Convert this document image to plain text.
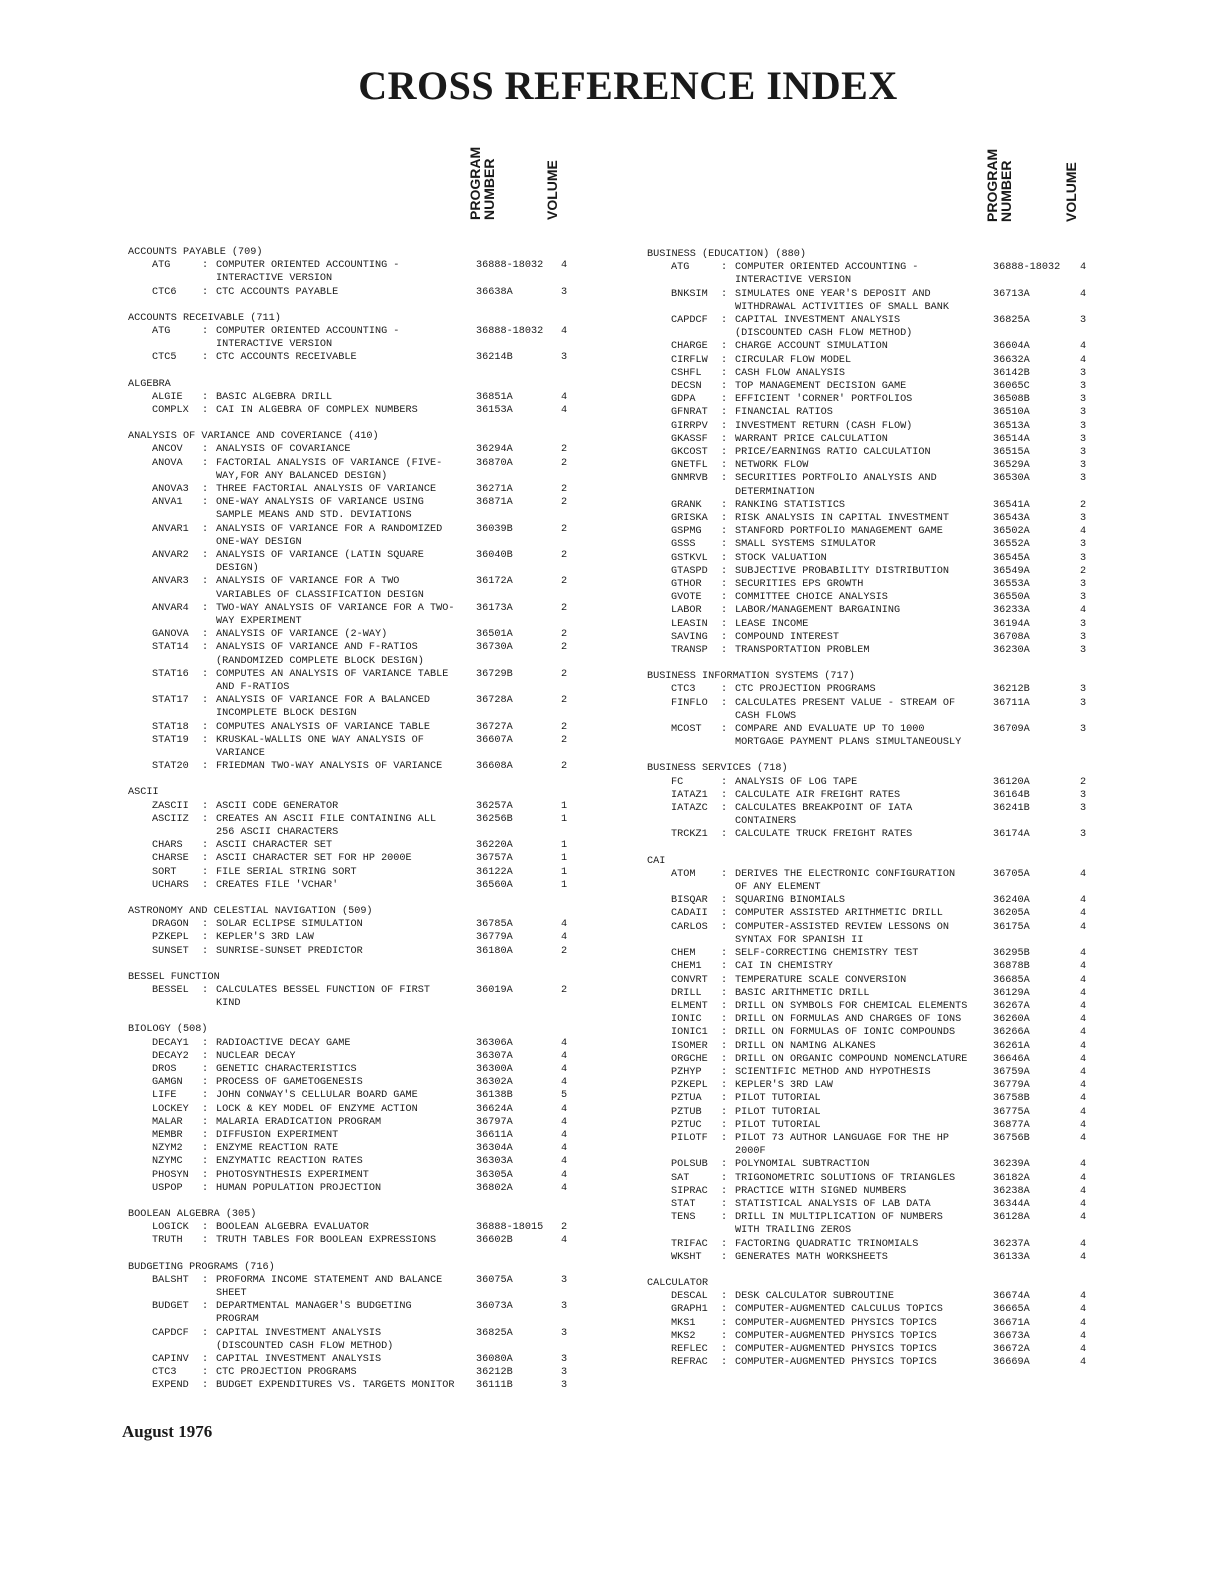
CROSS REFERENCE INDEX
PROGRAM
NUMBER	VOLUME	PROGRAM
NUMBER	VOLUME
ACCOUNTS PAYABLE (709)
ATG	: COMPUTER ORIENTED ACCOUNTING -
INTERACTIVE VERSION
36888-18032	4
CTC6	: CTC ACCOUNTS PAYABLE	36638A	3
ACCOUNTS RECEIVABLE (711)
ATG	: COMPUTER ORIENTED ACCOUNTING -
INTERACTIVE VERSION
36888-18032	4
CTC5	: CTC ACCOUNTS RECEIVABLE	36214B	3
ALGEBRA
ALGIE	: BASIC ALGEBRA DRILL	36851A	4
COMPLX	: CAI IN ALGEBRA OF COMPLEX NUMBERS	36153A	4
ANALYSIS OF VARIANCE AND COVERIANCE (410)
ANCOV	: ANALYSIS OF COVARIANCE	36294A	2
ANOVA	: FACTORIAL ANALYSIS OF VARIANCE (FIVE-
WAY,FOR ANY BALANCED DESIGN)
36870A	2
ANOVA3	: THREE FACTORIAL ANALYSIS OF VARIANCE	36271A	2
ANVA1	: ONE-WAY ANALYSIS OF VARIANCE USING
SAMPLE MEANS AND STD. DEVIATIONS
36871A	2
ANVAR1	: ANALYSIS OF VARIANCE FOR A RANDOMIZED
ONE-WAY DESIGN
36039B	2
ANVAR2	: ANALYSIS OF VARIANCE (LATIN SQUARE
DESIGN)
36040B	2
ANVAR3	: ANALYSIS OF VARIANCE FOR A TWO
VARIABLES OF CLASSIFICATION DESIGN
36172A	2
ANVAR4	: TWO-WAY ANALYSIS OF VARIANCE FOR A TWO-
WAY EXPERIMENT
36173A	2
GANOVA	: ANALYSIS OF VARIANCE (2-WAY)	36501A	2
STAT14	: ANALYSIS OF VARIANCE AND F-RATIOS
(RANDOMIZED COMPLETE BLOCK DESIGN)
36730A	2
STAT16	: COMPUTES AN ANALYSIS OF VARIANCE TABLE
AND F-RATIOS
36729B	2
STAT17	: ANALYSIS OF VARIANCE FOR A BALANCED
INCOMPLETE BLOCK DESIGN
36728A	2
STAT18	: COMPUTES ANALYSIS OF VARIANCE TABLE	36727A	2
STAT19	: KRUSKAL-WALLIS ONE WAY ANALYSIS OF
VARIANCE
36607A	2
STAT20	: FRIEDMAN TWO-WAY ANALYSIS OF VARIANCE	36608A	2
ASCII
ZASCII	: ASCII CODE GENERATOR	36257A	1
ASCIIZ	: CREATES AN ASCII FILE CONTAINING ALL
256 ASCII CHARACTERS
36256B	1
CHARS	: ASCII CHARACTER SET	36220A	1
CHARSE	: ASCII CHARACTER SET FOR HP 2000E	36757A	1
SORT	: FILE SERIAL STRING SORT	36122A	1
UCHARS	: CREATES FILE 'VCHAR'	36560A	1
ASTRONOMY AND CELESTIAL NAVIGATION (509)
DRAGON	: SOLAR ECLIPSE SIMULATION	36785A	4
PZKEPL	: KEPLER'S 3RD LAW	36779A	4
SUNSET	: SUNRISE-SUNSET PREDICTOR	36180A	2
BESSEL FUNCTION
BESSEL	: CALCULATES BESSEL FUNCTION OF FIRST
KIND
36019A	2
BIOLOGY (508)
DECAY1	: RADIOACTIVE DECAY GAME	36306A	4
DECAY2	: NUCLEAR DECAY	36307A	4
DROS	: GENETIC CHARACTERISTICS	36300A	4
GAMGN	: PROCESS OF GAMETOGENESIS	36302A	4
LIFE	: JOHN CONWAY'S CELLULAR BOARD GAME	36138B	5
LOCKEY	: LOCK & KEY MODEL OF ENZYME ACTION	36624A	4
MALAR	: MALARIA ERADICATION PROGRAM	36797A	4
MEMBR	: DIFFUSION EXPERIMENT	36611A	4
NZYM2	: ENZYME REACTION RATE	36304A	4
NZYMC	: ENZYMATIC REACTION RATES	36303A	4
PHOSYN	: PHOTOSYNTHESIS EXPERIMENT	36305A	4
USPOP	: HUMAN POPULATION PROJECTION	36802A	4
BOOLEAN ALGEBRA (305)
LOGICK	: BOOLEAN ALGEBRA EVALUATOR	36888-18015	2
TRUTH	: TRUTH TABLES FOR BOOLEAN EXPRESSIONS	36602B	4
BUDGETING PROGRAMS (716)
BALSHT	: PROFORMA INCOME STATEMENT AND BALANCE
SHEET
36075A	3
BUDGET	: DEPARTMENTAL MANAGER'S BUDGETING
PROGRAM
36073A	3
CAPDCF	: CAPITAL INVESTMENT ANALYSIS
(DISCOUNTED CASH FLOW METHOD)
36825A	3
CAPINV	: CAPITAL INVESTMENT ANALYSIS	36080A	3
CTC3	: CTC PROJECTION PROGRAMS	36212B	3
EXPEND	: BUDGET EXPENDITURES VS. TARGETS MONITOR	36111B	3
BUSINESS (EDUCATION) (880)
ATG	: COMPUTER ORIENTED ACCOUNTING -
INTERACTIVE VERSION
36888-18032	4
BNKSIM	: SIMULATES ONE YEAR'S DEPOSIT AND
WITHDRAWAL ACTIVITIES OF SMALL BANK
36713A	4
CAPDCF	: CAPITAL INVESTMENT ANALYSIS
(DISCOUNTED CASH FLOW METHOD)
36825A	3
CHARGE	: CHARGE ACCOUNT SIMULATION	36604A	4
CIRFLW	: CIRCULAR FLOW MODEL	36632A	4
CSHFL	: CASH FLOW ANALYSIS	36142B	3
DECSN	: TOP MANAGEMENT DECISION GAME	36065C	3
GDPA	: EFFICIENT 'CORNER' PORTFOLIOS	36508B	3
GFNRAT	: FINANCIAL RATIOS	36510A	3
GIRRPV	: INVESTMENT RETURN (CASH FLOW)	36513A	3
GKASSF	: WARRANT PRICE CALCULATION	36514A	3
GKCOST	: PRICE/EARNINGS RATIO CALCULATION	36515A	3
GNETFL	: NETWORK FLOW	36529A	3
GNMRVB	: SECURITIES PORTFOLIO ANALYSIS AND
DETERMINATION
36530A	3
GRANK	: RANKING STATISTICS	36541A	2
GRISKA	: RISK ANALYSIS IN CAPITAL INVESTMENT	36543A	3
GSPMG	: STANFORD PORTFOLIO MANAGEMENT GAME	36502A	4
GSSS	: SMALL SYSTEMS SIMULATOR	36552A	3
GSTKVL	: STOCK VALUATION	36545A	3
GTASPD	: SUBJECTIVE PROBABILITY DISTRIBUTION	36549A	2
GTHOR	: SECURITIES EPS GROWTH	36553A	3
GVOTE	: COMMITTEE CHOICE ANALYSIS	36550A	3
LABOR	: LABOR/MANAGEMENT BARGAINING	36233A	4
LEASIN	: LEASE INCOME	36194A	3
SAVING	: COMPOUND INTEREST	36708A	3
TRANSP	: TRANSPORTATION PROBLEM	36230A	3
BUSINESS INFORMATION SYSTEMS (717)
CTC3	: CTC PROJECTION PROGRAMS	36212B	3
FINFLO	: CALCULATES PRESENT VALUE - STREAM OF
CASH FLOWS
36711A	3
MCOST	: COMPARE AND EVALUATE UP TO 1000
MORTGAGE PAYMENT PLANS SIMULTANEOUSLY
36709A	3
BUSINESS SERVICES (718)
FC	: ANALYSIS OF LOG TAPE	36120A	2
IATAZ1	: CALCULATE AIR FREIGHT RATES	36164B	3
IATAZC	: CALCULATES BREAKPOINT OF IATA
CONTAINERS
36241B	3
TRCKZ1	: CALCULATE TRUCK FREIGHT RATES	36174A	3
CAI
ATOM	: DERIVES THE ELECTRONIC CONFIGURATION
OF ANY ELEMENT
36705A	4
BISQAR	: SQUARING BINOMIALS	36240A	4
CADAII	: COMPUTER ASSISTED ARITHMETIC DRILL	36205A	4
CARLOS	: COMPUTER-ASSISTED REVIEW LESSONS ON
SYNTAX FOR SPANISH II
36175A	4
CHEM	: SELF-CORRECTING CHEMISTRY TEST	36295B	4
CHEM1	: CAI IN CHEMISTRY	36878B	4
CONVRT	: TEMPERATURE SCALE CONVERSION	36685A	4
DRILL	: BASIC ARITHMETIC DRILL	36129A	4
ELMENT	: DRILL ON SYMBOLS FOR CHEMICAL ELEMENTS	36267A	4
IONIC	: DRILL ON FORMULAS AND CHARGES OF IONS	36260A	4
IONIC1	: DRILL ON FORMULAS OF IONIC COMPOUNDS	36266A	4
ISOMER	: DRILL ON NAMING ALKANES	36261A	4
ORGCHE	: DRILL ON ORGANIC COMPOUND NOMENCLATURE	36646A	4
PZHYP	: SCIENTIFIC METHOD AND HYPOTHESIS	36759A	4
PZKEPL	: KEPLER'S 3RD LAW	36779A	4
PZTUA	: PILOT TUTORIAL	36758B	4
PZTUB	: PILOT TUTORIAL	36775A	4
PZTUC	: PILOT TUTORIAL	36877A	4
PILOTF	: PILOT 73 AUTHOR LANGUAGE FOR THE HP
2000F
36756B	4
POLSUB	: POLYNOMIAL SUBTRACTION	36239A	4
SAT	: TRIGONOMETRIC SOLUTIONS OF TRIANGLES	36182A	4
SIPRAC	: PRACTICE WITH SIGNED NUMBERS	36238A	4
STAT	: STATISTICAL ANALYSIS OF LAB DATA	36344A	4
TENS	: DRILL IN MULTIPLICATION OF NUMBERS
WITH TRAILING ZEROS
36128A	4
TRIFAC	: FACTORING QUADRATIC TRINOMIALS	36237A	4
WKSHT	: GENERATES MATH WORKSHEETS	36133A	4
CALCULATOR
DESCAL	: DESK CALCULATOR SUBROUTINE	36674A	4
GRAPH1	: COMPUTER-AUGMENTED CALCULUS TOPICS	36665A	4
MKS1	: COMPUTER-AUGMENTED PHYSICS TOPICS	36671A	4
MKS2	: COMPUTER-AUGMENTED PHYSICS TOPICS	36673A	4
REFLEC	: COMPUTER-AUGMENTED PHYSICS TOPICS	36672A	4
REFRAC	: COMPUTER-AUGMENTED PHYSICS TOPICS	36669A	4
August 1976
